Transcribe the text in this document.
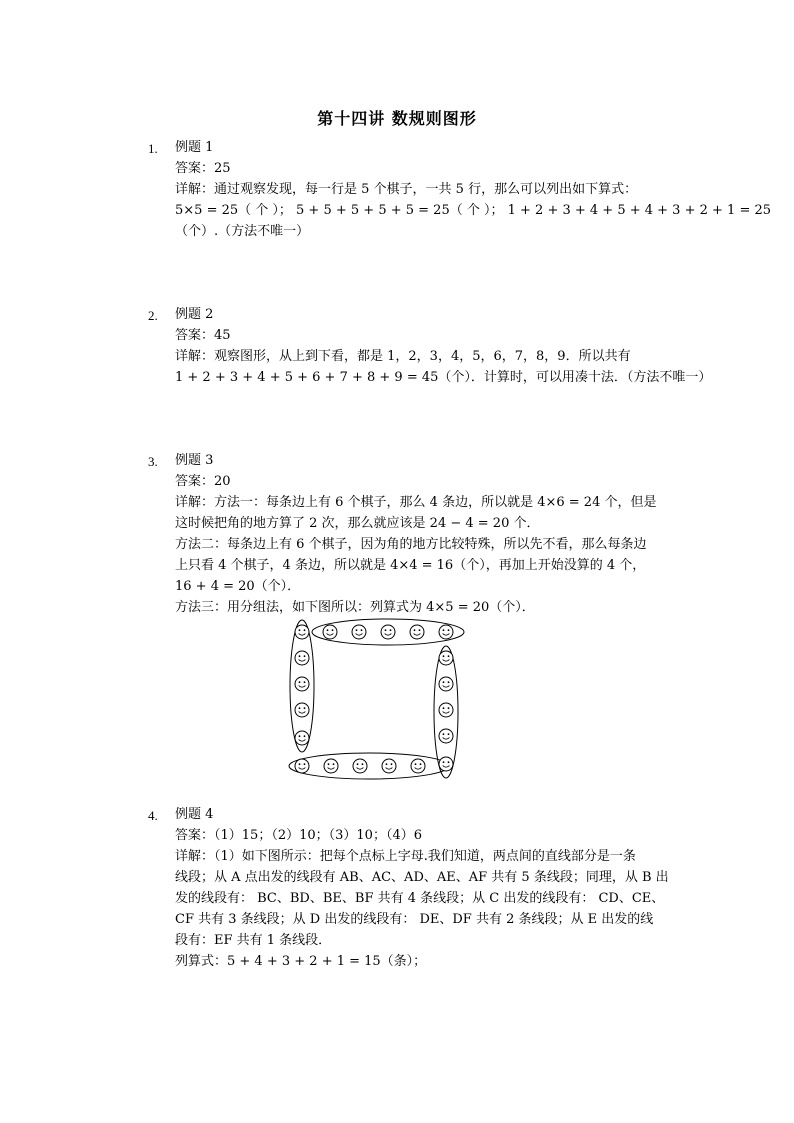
第十四讲 数规则图形
1. 例题 1
答案：25
详解：通过观察发现，每一行是 5 个棋子，一共 5 行，那么可以列出如下算式：
5×5 = 25（ 个 ）； 5 + 5 + 5 + 5 + 5 = 25（ 个 ）； 1 + 2 + 3 + 4 + 5 + 4 + 3 + 2 + 1 = 25
（个）.（方法不唯一）
2. 例题 2
答案：45
详解：观察图形，从上到下看，都是 1，2，3，4，5，6，7，8，9．所以共有
1 + 2 + 3 + 4 + 5 + 6 + 7 + 8 + 9 = 45（个）．计算时，可以用凑十法．（方法不唯一）
3. 例题 3
答案：20
详解：方法一：每条边上有 6 个棋子，那么 4 条边，所以就是 4×6 = 24 个，但是
这时候把角的地方算了 2 次，那么就应该是 24 − 4 = 20 个．
方法二：每条边上有 6 个棋子，因为角的地方比较特殊，所以先不看，那么每条边
上只看 4 个棋子，4 条边，所以就是 4×4 = 16（个），再加上开始没算的 4 个，
16 + 4 = 20（个）．
方法三：用分组法，如下图所以：列算式为 4×5 = 20（个）．
4. 例题 4
答案：（1）15；（2）10；（3）10；（4）6
详解：（1）如下图所示：把每个点标上字母.我们知道，两点间的直线部分是一条
线段；从 A 点出发的线段有 AB、AC、AD、AE、AF 共有 5 条线段；同理，从 B 出
发的线段有： BC、BD、BE、BF 共有 4 条线段；从 C 出发的线段有： CD、CE、
CF 共有 3 条线段；从 D 出发的线段有： DE、DF 共有 2 条线段；从 E 出发的线
段有：EF 共有 1 条线段．
列算式：5 + 4 + 3 + 2 + 1 = 15（条）；
